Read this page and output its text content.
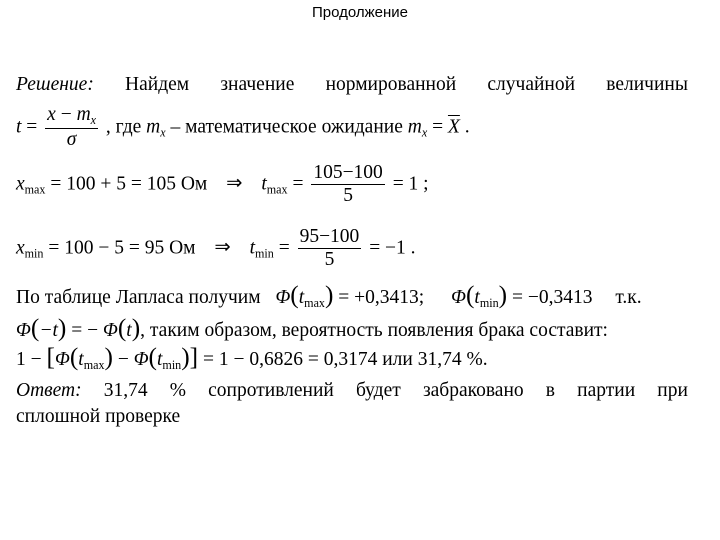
Продолжение
Решение: Найдем значение нормированной случайной величины
$t = \frac{x - m_x}{\sigma}$ , где $m_x$ – математическое ожидание $m_x = \overline{X}$ .
$x_{max} = 100 + 5 = 105$ Ом ⇒ $t_{max} = \frac{105-100}{5} = 1$ ;
$x_{min} = 100 - 5 = 95$ Ом ⇒ $t_{min} = \frac{95-100}{5} = -1$ .
По таблице Лапласа получим $\Phi(t_{max}) = +0,3413$; $\Phi(t_{min}) = -0,3413$ т.к.
Φ(−t) = − Φ(t), таким образом, вероятность появления брака составит:
$1 - [\Phi(t_{max}) - \Phi(t_{min})] = 1 - 0,6826 = 0,3174$ или 31,74 %.
Ответ: 31,74 % сопротивлений будет забраковано в партии при
сплошной проверке
